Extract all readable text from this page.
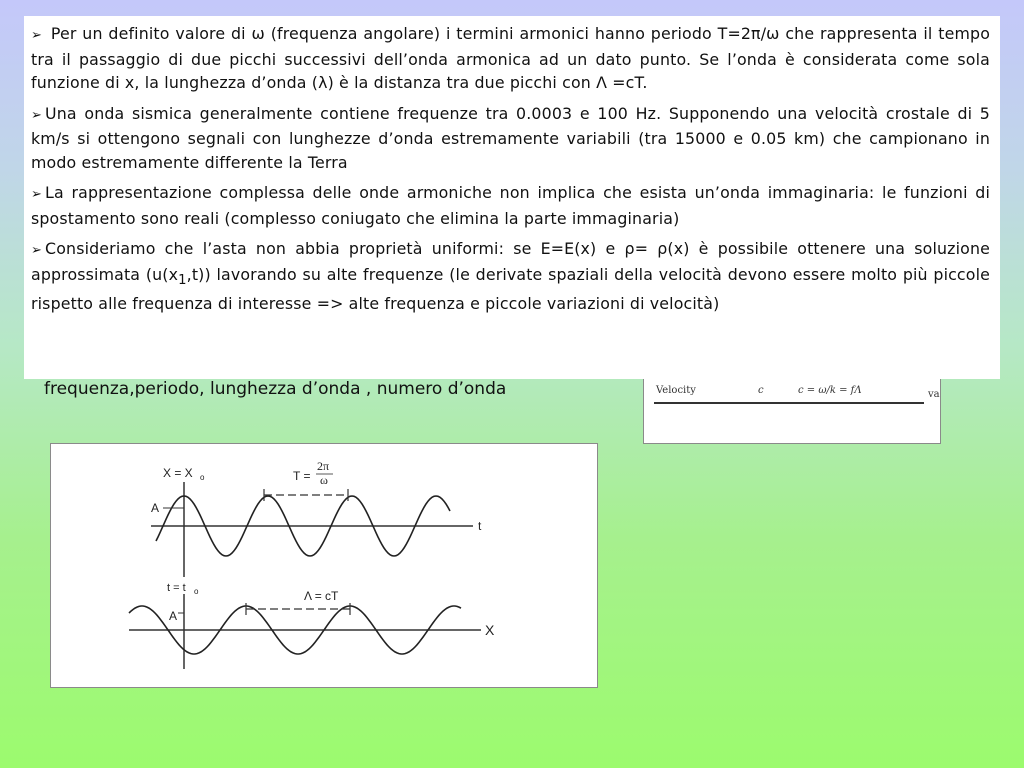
frequenza,periodo, lunghezza d’onda , numero d’onda	Velocity	c	c = ω/k = fΛ	va
X = X o
A
t
T =
2π
ω
t = t o
A
X
Λ = cT

➢ Per un definito valore di ω (frequenza angolare) i termini armonici hanno periodo T=2π/ω che rappresenta il tempo tra il passaggio di due picchi successivi dell’onda armonica ad un dato punto. Se l’onda è considerata come sola funzione di x, la lunghezza d’onda (λ) è la distanza tra due picchi con Λ =cT.

➢ Una onda sismica generalmente contiene frequenze tra 0.0003 e 100 Hz. Supponendo una velocità crostale di 5 km/s si ottengono segnali con lunghezze d’onda estremamente variabili (tra 15000 e 0.05 km) che campionano in modo estremamente differente la Terra

➢ La rappresentazione complessa delle onde armoniche non implica che esista un’onda immaginaria: le funzioni di spostamento sono reali (complesso coniugato che elimina la parte immaginaria)

➢ Consideriamo che l’asta non abbia proprietà uniformi: se E=E(x) e ρ= ρ(x) è possibile ottenere una soluzione approssimata $(u(x_1,t))$ lavorando su alte frequenze (le derivate spaziali della velocità devono essere molto più piccole rispetto alle frequenza di interesse => alte frequenza e piccole variazioni di velocità)
